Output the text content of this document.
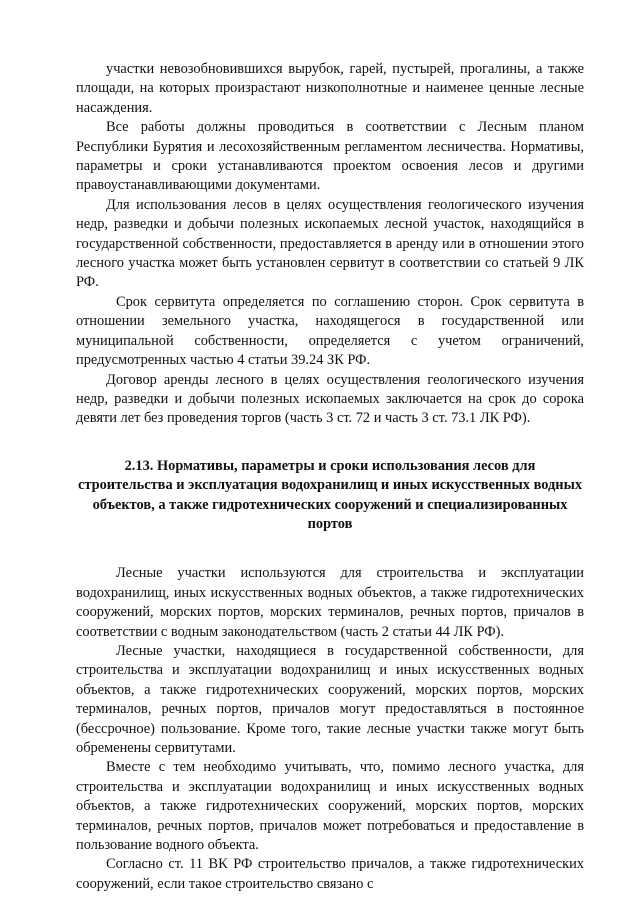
участки невозобновившихся вырубок, гарей, пустырей, прогалины, а также площади, на которых произрастают низкополнотные и наименее ценные лесные насаждения.

Все работы должны проводиться в соответствии с Лесным планом Республики Бурятия и лесохозяйственным регламентом лесничества. Нормативы, параметры и сроки устанавливаются проектом освоения лесов и другими правоустанавливающими документами.

Для использования лесов в целях осуществления геологического изучения недр, разведки и добычи полезных ископаемых лесной участок, находящийся в государственной собственности, предоставляется в аренду или в отношении этого лесного участка может быть установлен сервитут в соответствии со статьей 9 ЛК РФ.

Срок сервитута определяется по соглашению сторон. Срок сервитута в отношении земельного участка, находящегося в государственной или муниципальной собственности, определяется с учетом ограничений, предусмотренных частью 4 статьи 39.24 ЗК РФ.

Договор аренды лесного в целях осуществления геологического изучения недр, разведки и добычи полезных ископаемых заключается на срок до сорока девяти лет без проведения торгов (часть 3 ст. 72 и часть 3 ст. 73.1 ЛК РФ).

2.13. Нормативы, параметры и сроки использования лесов для строительства и эксплуатация водохранилищ и иных искусственных водных объектов, а также гидротехнических сооружений и специализированных портов

Лесные участки используются для строительства и эксплуатации водохранилищ, иных искусственных водных объектов, а также гидротехнических сооружений, морских портов, морских терминалов, речных портов, причалов в соответствии с водным законодательством (часть 2 статьи 44 ЛК РФ).

Лесные участки, находящиеся в государственной собственности, для строительства и эксплуатации водохранилищ и иных искусственных водных объектов, а также гидротехнических сооружений, морских портов, морских терминалов, речных портов, причалов могут предоставляться в постоянное (бессрочное) пользование. Кроме того, такие лесные участки также могут быть обременены сервитутами.

Вместе с тем необходимо учитывать, что, помимо лесного участка, для строительства и эксплуатации водохранилищ и иных искусственных водных объектов, а также гидротехнических сооружений, морских портов, морских терминалов, речных портов, причалов может потребоваться и предоставление в пользование водного объекта.

Согласно ст. 11 ВК РФ строительство причалов, а также гидротехнических сооружений, если такое строительство связано с
